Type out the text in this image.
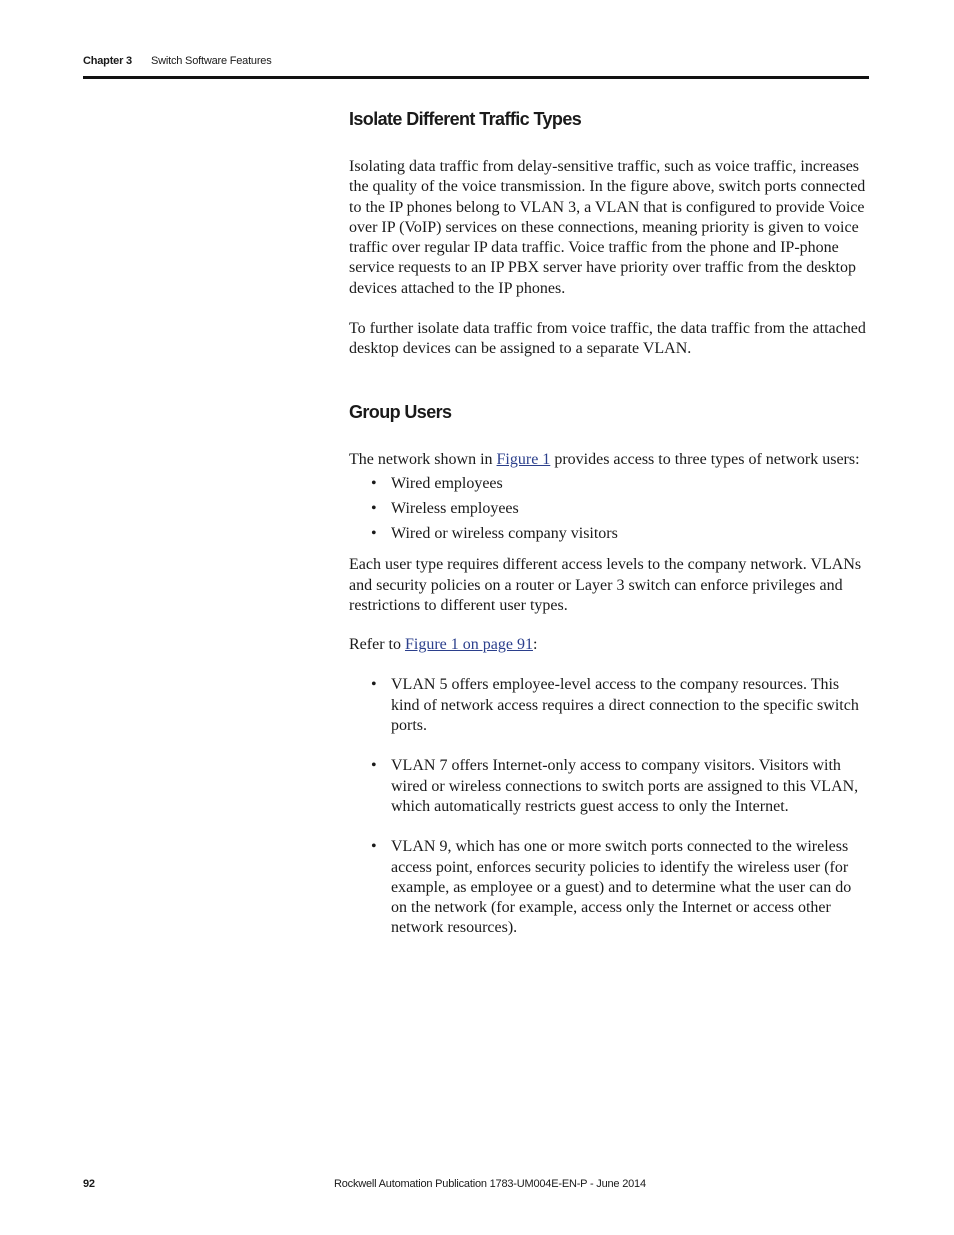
Chapter 3 Switch Software Features
Isolate Different Traffic Types

Isolating data traffic from delay-sensitive traffic, such as voice traffic, increases the quality of the voice transmission. In the figure above, switch ports connected to the IP phones belong to VLAN 3, a VLAN that is configured to provide Voice over IP (VoIP) services on these connections, meaning priority is given to voice traffic over regular IP data traffic. Voice traffic from the phone and IP-phone service requests to an IP PBX server have priority over traffic from the desktop devices attached to the IP phones.

To further isolate data traffic from voice traffic, the data traffic from the attached desktop devices can be assigned to a separate VLAN.

Group Users

The network shown in Figure 1 provides access to three types of network users:

• Wired employees
• Wireless employees
• Wired or wireless company visitors

Each user type requires different access levels to the company network. VLANs and security policies on a router or Layer 3 switch can enforce privileges and restrictions to different user types.

Refer to Figure 1 on page 91:

• VLAN 5 offers employee-level access to the company resources. This kind of network access requires a direct connection to the specific switch ports.
• VLAN 7 offers Internet-only access to company visitors. Visitors with wired or wireless connections to switch ports are assigned to this VLAN, which automatically restricts guest access to only the Internet.
• VLAN 9, which has one or more switch ports connected to the wireless access point, enforces security policies to identify the wireless user (for example, as employee or a guest) and to determine what the user can do on the network (for example, access only the Internet or access other network resources).
92	Rockwell Automation Publication 1783-UM004E-EN-P - June 2014
